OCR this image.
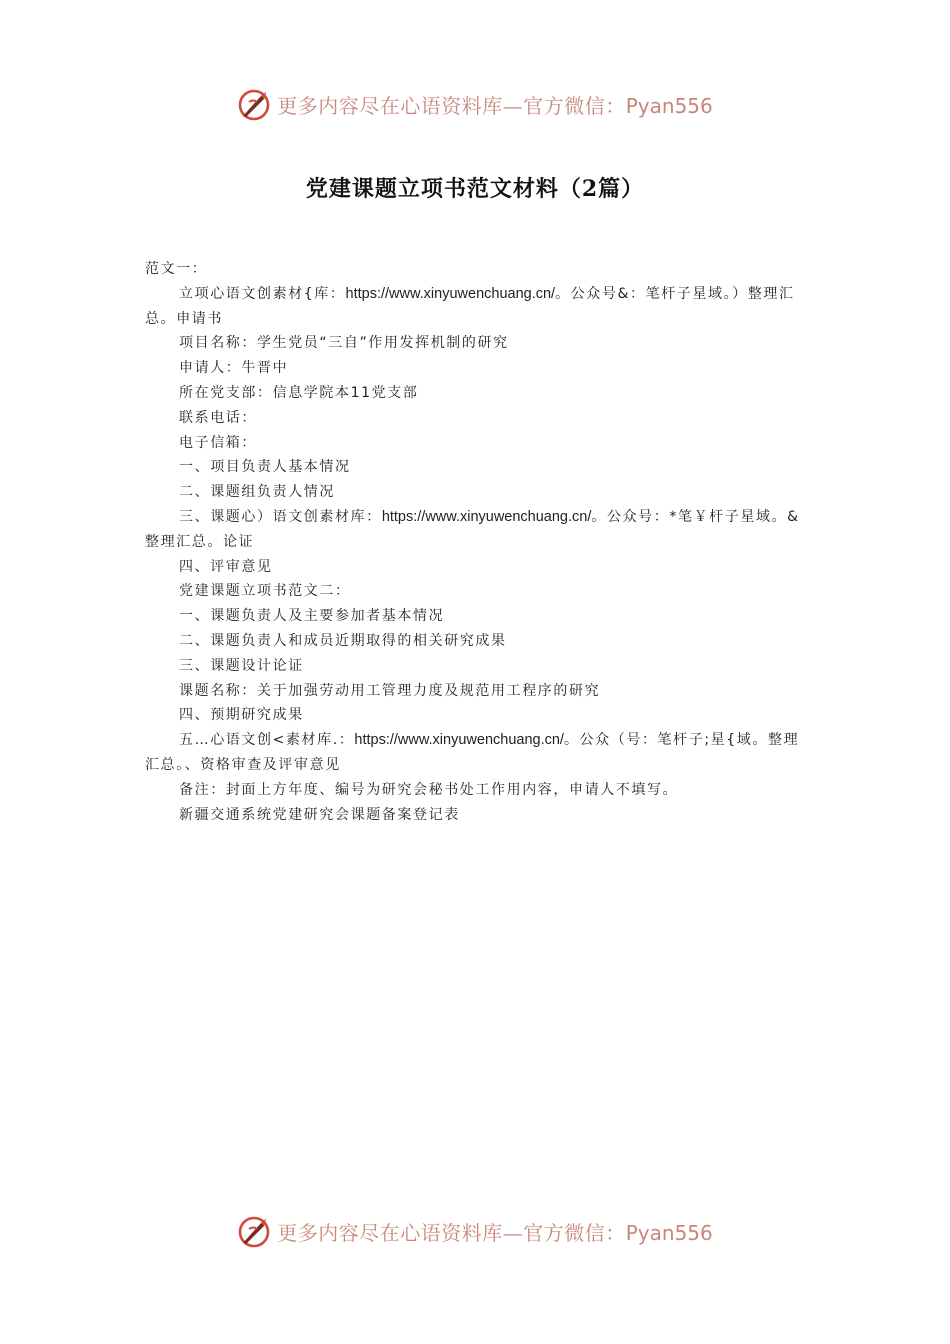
更多内容尽在心语资料库—官方微信：Pyan556
党建课题立项书范文材料（2篇）

范文一：

立项心语文创素材{库：https://www.xinyuwenchuang.cn/。公众号&：笔杆子星域。）整理汇总。申请书

项目名称：学生党员“三自”作用发挥机制的研究

申请人：牛晋中

所在党支部：信息学院本11党支部

联系电话：

电子信箱：

一、项目负责人基本情况

二、课题组负责人情况

三、课题心）语文创素材库：https://www.xinyuwenchuang.cn/。公众号：*笔￥杆子星域。&整理汇总。论证

四、评审意见

党建课题立项书范文二：

一、课题负责人及主要参加者基本情况

二、课题负责人和成员近期取得的相关研究成果

三、课题设计论证

课题名称：关于加强劳动用工管理力度及规范用工程序的研究

四、预期研究成果

五…心语文创<素材库.：https://www.xinyuwenchuang.cn/。公众（号：笔杆子;星{域。整理汇总。、资格审查及评审意见

备注：封面上方年度、编号为研究会秘书处工作用内容，申请人不填写。

新疆交通系统党建研究会课题备案登记表

更多内容尽在心语资料库—官方微信：Pyan556
